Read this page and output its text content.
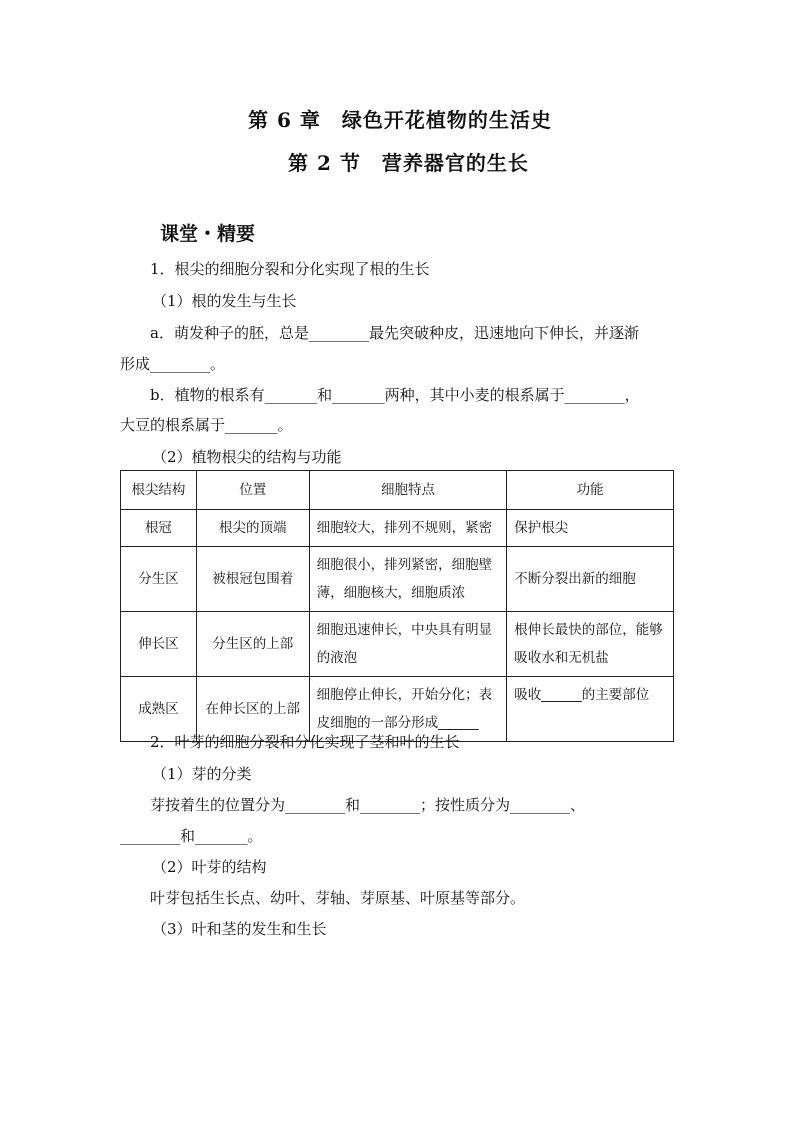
第 6 章　绿色开花植物的生活史
第 2 节　营养器官的生长
课堂・精要
1．根尖的细胞分裂和分化实现了根的生长
（1）根的发生与生长
a．萌发种子的胚，总是________最先突破种皮，迅速地向下伸长，并逐渐
形成________。
b．植物的根系有_______和_______两种，其中小麦的根系属于________，
大豆的根系属于_______。
（2）植物根尖的结构与功能
根尖结构	位置	细胞特点	功能
根冠	根尖的顶端	细胞较大，排列不规则，紧密	保护根尖
分生区	被根冠包围着	细胞很小，排列紧密，细胞壁薄，细胞核大，细胞质浓	不断分裂出新的细胞
伸长区	分生区的上部	细胞迅速伸长，中央具有明显的液泡	根伸长最快的部位，能够吸收水和无机盐
成熟区	在伸长区的上部	细胞停止伸长，开始分化；表皮细胞的一部分形成______	吸收______的主要部位
2．叶芽的细胞分裂和分化实现了茎和叶的生长
（1）芽的分类
芽按着生的位置分为________和________；按性质分为________、
________和_______。
（2）叶芽的结构
叶芽包括生长点、幼叶、芽轴、芽原基、叶原基等部分。
（3）叶和茎的发生和生长
